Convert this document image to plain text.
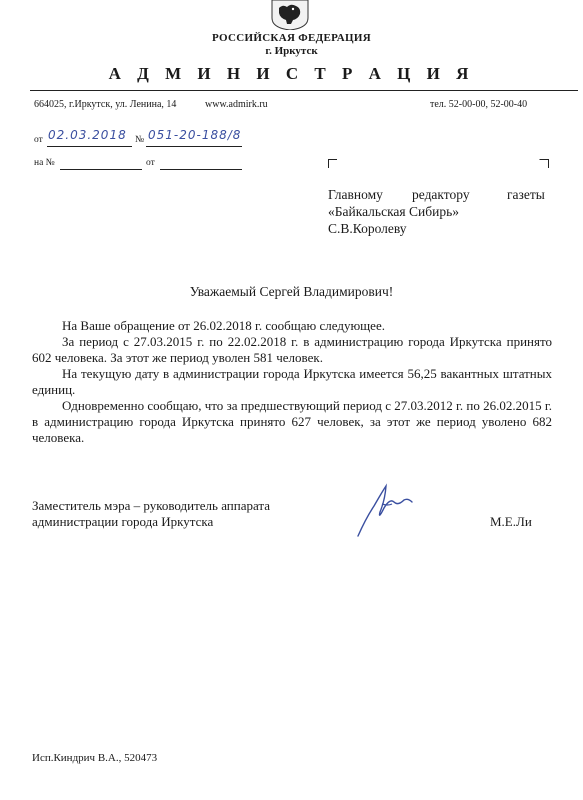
РОССИЙСКАЯ ФЕДЕРАЦИЯ
г. Иркутск
А Д М И Н И С Т Р А Ц И Я
664025, г.Иркутск, ул. Ленина, 14	www.admirk.ru	тел. 52-00-00, 52-00-40
от 02.03.2018 № 051-20-188/8
на №	от
Главному редактору	газеты
«Байкальская Сибирь»
С.В.Королеву
Уважаемый Сергей Владимирович!
На Ваше обращение от 26.02.2018 г. сообщаю следующее.
За период с 27.03.2015 г. по 22.02.2018 г. в администрацию города Иркутска принято 602 человека. За этот же период уволен 581 человек.
На текущую дату в администрации города Иркутска имеется 56,25 вакантных штатных единиц.
Одновременно сообщаю, что за предшествующий период с 27.03.2012 г. по 26.02.2015 г. в администрацию города Иркутска принято 627 человек, за этот же период уволено 682 человека.
Заместитель мэра – руководитель аппарата
администрации города Иркутска	М.Е.Ли
Исп.Киндрич В.А., 520473
